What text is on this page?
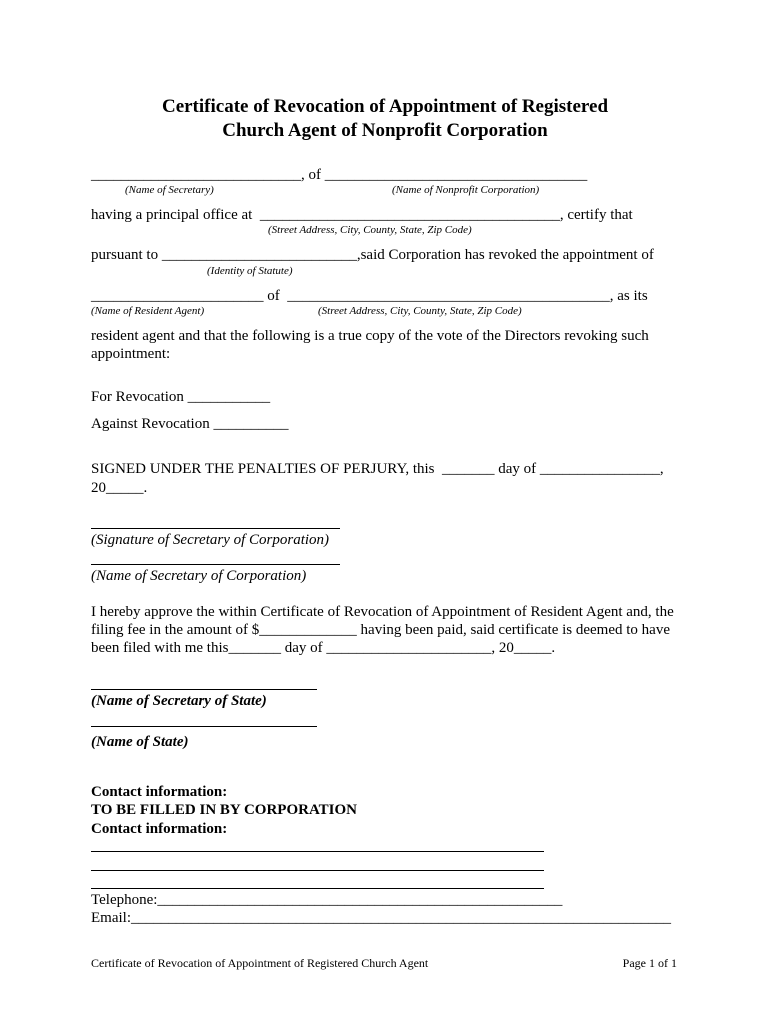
Certificate of Revocation of Appointment of Registered
Church Agent of Nonprofit Corporation
____________________________, of ___________________________________
(Name of Secretary)	(Name of Nonprofit Corporation)
having a principal office at  ________________________________________, certify that
(Street Address, City, County, State, Zip Code)
pursuant to __________________________,said Corporation has revoked the appointment of
(Identity of Statute)
_______________________ of  ___________________________________________, as its
(Name of Resident Agent)	(Street Address, City, County, State, Zip Code)
resident agent and that the following is a true copy of the vote of the Directors revoking such
appointment:
For Revocation ___________
Against Revocation __________
SIGNED UNDER THE PENALTIES OF PERJURY, this  _______ day of ________________,
20_____.
(Signature of Secretary of Corporation)
(Name of Secretary of Corporation)
I hereby approve the within Certificate of Revocation of Appointment of Resident Agent and, the
filing fee in the amount of $_____________ having been paid, said certificate is deemed to have
been filed with me this_______ day of ______________________, 20_____.
(Name of Secretary of State)
(Name of State)
Contact information:
TO BE FILLED IN BY CORPORATION
Contact information:
Telephone:______________________________________________________
Email:________________________________________________________________________
Certificate of Revocation of Appointment of Registered Church Agent	Page 1 of 1
